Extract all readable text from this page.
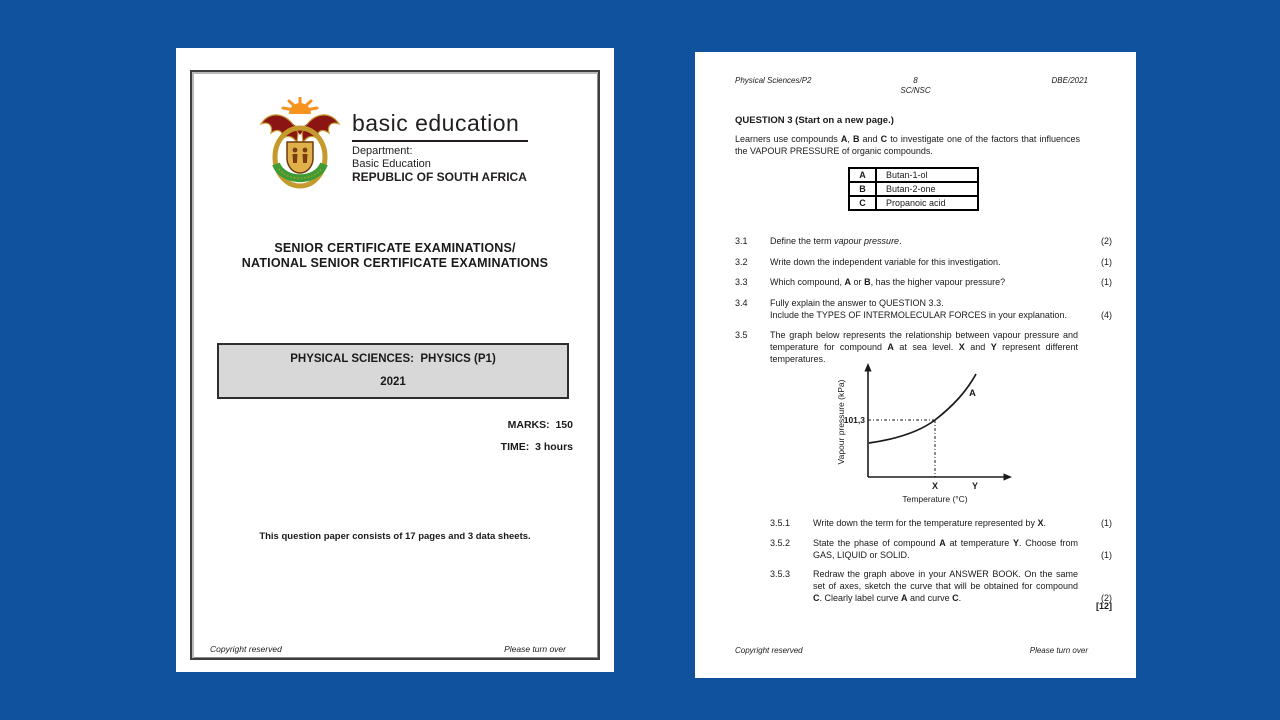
basic education
Department:
Basic Education
REPUBLIC OF SOUTH AFRICA
SENIOR CERTIFICATE EXAMINATIONS/
NATIONAL SENIOR CERTIFICATE EXAMINATIONS
PHYSICAL SCIENCES:  PHYSICS (P1)
2021
MARKS:  150
TIME:  3 hours
This question paper consists of 17 pages and 3 data sheets.
Copyright reserved	Please turn over
Physical Sciences/P2	8
SC/NSC
DBE/2021
QUESTION 3 (Start on a new page.)
Learners use compounds A, B and C to investigate one of the factors that influences the VAPOUR PRESSURE of organic compounds.
A	Butan-1-ol
B	Butan-2-one
C	Propanoic acid
3.1	Define the term vapour pressure.	(2)
3.2	Write down the independent variable for this investigation.	(1)
3.3	Which compound, A or B, has the higher vapour pressure?	(1)
3.4	Fully explain the answer to QUESTION 3.3.
Include the TYPES OF INTERMOLECULAR FORCES in your explanation.	(4)
3.5	The graph below represents the relationship between vapour pressure and temperature for compound A at sea level. X and Y represent different temperatures.
101,3
Vapour pressure (kPa)	A
X	Y
Temperature (°C)
3.5.1	Write down the term for the temperature represented by X.	(1)
3.5.2	State the phase of compound A at temperature Y. Choose from GAS, LIQUID or SOLID.	(1)
3.5.3	Redraw the graph above in your ANSWER BOOK. On the same set of axes, sketch the curve that will be obtained for compound C. Clearly label curve A and curve C.	(2)
[12]
Copyright reserved	Please turn over
